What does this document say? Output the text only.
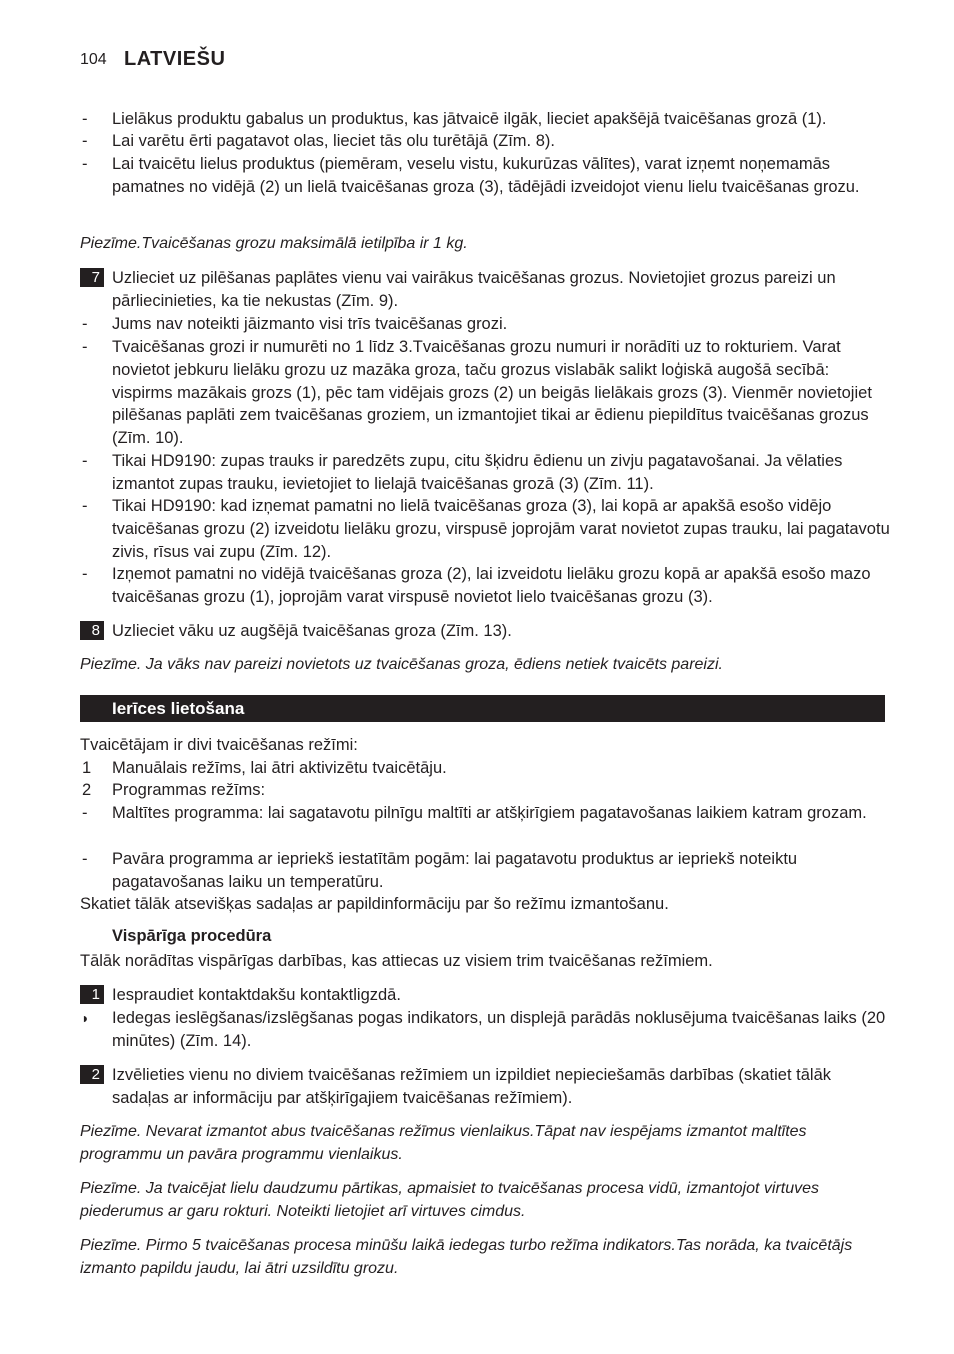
104 LATVIEŠU
-	Lielākus produktu gabalus un produktus, kas jātvaicē ilgāk, lieciet apakšējā tvaicēšanas grozā (1).
-	Lai varētu ērti pagatavot olas, lieciet tās olu turētājā (Zīm. 8).
-	Lai tvaicētu lielus produktus (piemēram, veselu vistu, kukurūzas vālītes), varat izņemt noņemamās pamatnes no vidējā (2) un lielā tvaicēšanas groza (3), tādējādi izveidojot vienu lielu tvaicēšanas grozu.
Piezīme.Tvaicēšanas grozu maksimālā ietilpība ir 1 kg.
7 Uzlieciet uz pilēšanas paplātes vienu vai vairākus tvaicēšanas grozus. Novietojiet grozus pareizi un pārliecinieties, ka tie nekustas (Zīm. 9).
-	Jums nav noteikti jāizmanto visi trīs tvaicēšanas grozi.
-	Tvaicēšanas grozi ir numurēti no 1 līdz 3.Tvaicēšanas grozu numuri ir norādīti uz to rokturiem. Varat novietot jebkuru lielāku grozu uz mazāka groza, taču grozus vislabāk salikt loģiskā augošā secībā: vispirms mazākais grozs (1), pēc tam vidējais grozs (2) un beigās lielākais grozs (3). Vienmēr novietojiet pilēšanas paplāti zem tvaicēšanas groziem, un izmantojiet tikai ar ēdienu piepildītus tvaicēšanas grozus (Zīm. 10).
-	Tikai HD9190: zupas trauks ir paredzēts zupu, citu šķidru ēdienu un zivju pagatavošanai. Ja vēlaties izmantot zupas trauku, ievietojiet to lielajā tvaicēšanas grozā (3) (Zīm. 11).
-	Tikai HD9190: kad izņemat pamatni no lielā tvaicēšanas groza (3), lai kopā ar apakšā esošo vidējo tvaicēšanas grozu (2) izveidotu lielāku grozu, virspusē joprojām varat novietot zupas trauku, lai pagatavotu zivis, rīsus vai zupu (Zīm. 12).
-	Izņemot pamatni no vidējā tvaicēšanas groza (2), lai izveidotu lielāku grozu kopā ar apakšā esošo mazo tvaicēšanas grozu (1), joprojām varat virspusē novietot lielo tvaicēšanas grozu (3).
8 Uzlieciet vāku uz augšējā tvaicēšanas groza (Zīm. 13).
Piezīme. Ja vāks nav pareizi novietots uz tvaicēšanas groza, ēdiens netiek tvaicēts pareizi.
Ierīces lietošana
Tvaicētājam ir divi tvaicēšanas režīmi:
1	Manuālais režīms, lai ātri aktivizētu tvaicētāju.
2	Programmas režīms:
-	Maltītes programma: lai sagatavotu pilnīgu maltīti ar atšķirīgiem pagatavošanas laikiem katram grozam.
-	Pavāra programma ar iepriekš iestatītām pogām: lai pagatavotu produktus ar iepriekš noteiktu pagatavošanas laiku un temperatūru.
Skatiet tālāk atsevišķas sadaļas ar papildinformāciju par šo režīmu izmantošanu.
Vispārīga procedūra
Tālāk norādītas vispārīgas darbības, kas attiecas uz visiem trim tvaicēšanas režīmiem.
1 Iespraudiet kontaktdakšu kontaktligzdā.
◗ Iedegas ieslēgšanas/izslēgšanas pogas indikators, un displejā parādās noklusējuma tvaicēšanas laiks (20 minūtes) (Zīm. 14).
2 Izvēlieties vienu no diviem tvaicēšanas režīmiem un izpildiet nepieciešamās darbības (skatiet tālāk sadaļas ar informāciju par atšķirīgajiem tvaicēšanas režīmiem).
Piezīme. Nevarat izmantot abus tvaicēšanas režīmus vienlaikus.Tāpat nav iespējams izmantot maltītes programmu un pavāra programmu vienlaikus.
Piezīme. Ja tvaicējat lielu daudzumu pārtikas, apmaisiet to tvaicēšanas procesa vidū, izmantojot virtuves piederumus ar garu rokturi. Noteikti lietojiet arī virtuves cimdus.
Piezīme. Pirmo 5 tvaicēšanas procesa minūšu laikā iedegas turbo režīma indikators.Tas norāda, ka tvaicētājs izmanto papildu jaudu, lai ātri uzsildītu grozu.
